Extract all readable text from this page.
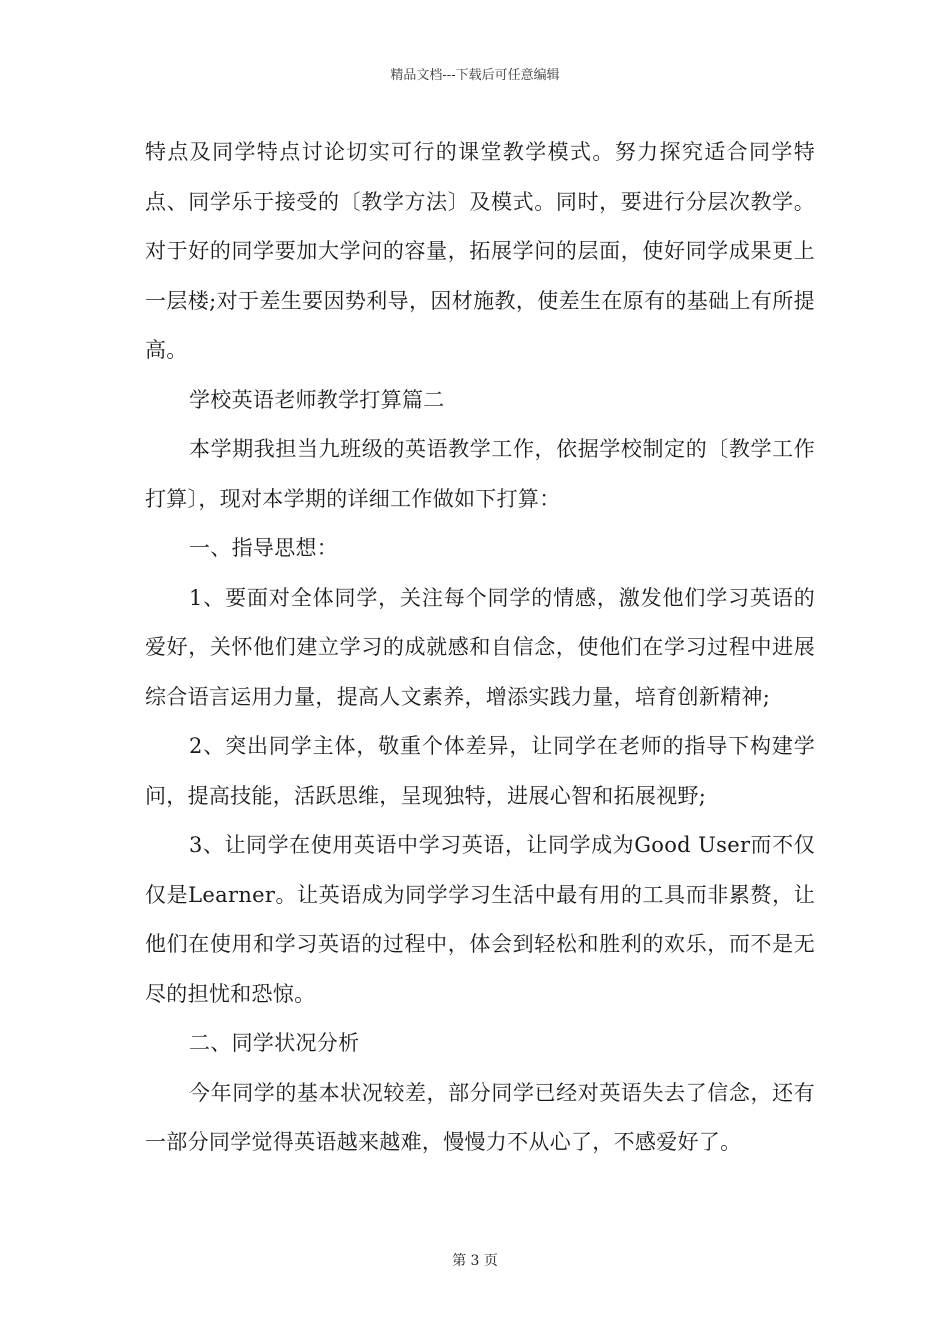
精品文档---下载后可任意编辑

特点及同学特点讨论切实可行的课堂教学模式。努力探究适合同学特点、同学乐于接受的〔教学方法〕及模式。同时，要进行分层次教学。对于好的同学要加大学问的容量，拓展学问的层面，使好同学成果更上一层楼;对于差生要因势利导，因材施教，使差生在原有的基础上有所提高。

学校英语老师教学打算篇二

本学期我担当九班级的英语教学工作，依据学校制定的〔教学工作打算〕，现对本学期的详细工作做如下打算：

一、指导思想：

1、要面对全体同学，关注每个同学的情感，激发他们学习英语的爱好，关怀他们建立学习的成就感和自信念，使他们在学习过程中进展综合语言运用力量，提高人文素养，增添实践力量，培育创新精神;

2、突出同学主体，敬重个体差异，让同学在老师的指导下构建学问，提高技能，活跃思维，呈现独特，进展心智和拓展视野;

3、让同学在使用英语中学习英语，让同学成为Good User而不仅仅是Learner。让英语成为同学学习生活中最有用的工具而非累赘，让他们在使用和学习英语的过程中，体会到轻松和胜利的欢乐，而不是无尽的担忧和恐惊。

二、同学状况分析

今年同学的基本状况较差，部分同学已经对英语失去了信念，还有一部分同学觉得英语越来越难，慢慢力不从心了，不感爱好了。

第 3 页
